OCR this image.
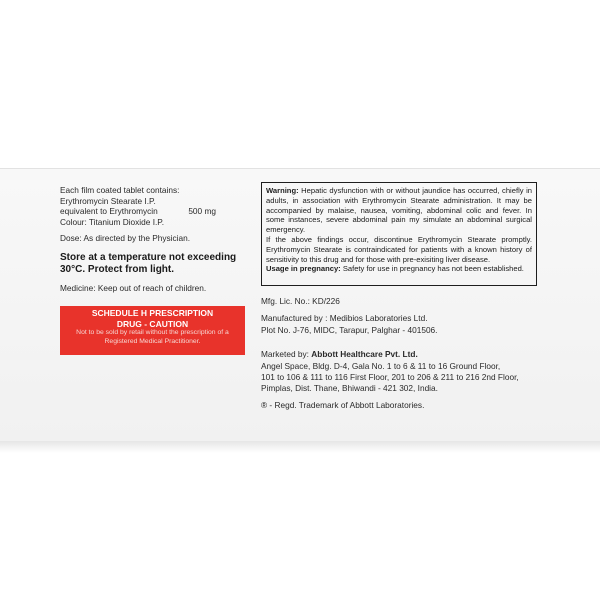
Each film coated tablet contains:
Erythromycin Stearate I.P.
equivalent to Erythromycin	500 mg
Colour: Titanium Dioxide I.P.
Dose: As directed by the Physician.
Store at a temperature not exceeding
30°C. Protect from light.
Medicine: Keep out of reach of children.

Warning: Hepatic dysfunction with or without jaundice has occurred, chiefly in adults, in association with Erythromycin Stearate administration. It may be accompanied by malaise, nausea, vomiting, abdominal colic and fever. In some instances, severe abdominal pain my simulate an abdominal surgical emergency.

If the above findings occur, discontinue Erythromycin Stearate promptly. Erythromycin Stearate is contraindicated for patients with a known history of sensitivity to this drug and for those with pre-exisiting liver disease.

Usage in pregnancy: Safety for use in pregnancy has not been established.

SCHEDULE H PRESCRIPTION
DRUG - CAUTION
Not to be sold by retail without the prescription of a Registered Medical Practitioner.
Mfg. Lic. No.: KD/226
Manufactured by : Medibios Laboratories Ltd.
Plot No. J-76, MIDC, Tarapur, Palghar - 401506.
Marketed by: Abbott Healthcare Pvt. Ltd.
Angel Space, Bldg. D-4, Gala No. 1 to 6 & 11 to 16 Ground Floor,
101 to 106 & 111 to 116 First Floor, 201 to 206 & 211 to 216 2nd Floor,
Pimplas, Dist. Thane, Bhiwandi - 421 302, India.
® - Regd. Trademark of Abbott Laboratories.
